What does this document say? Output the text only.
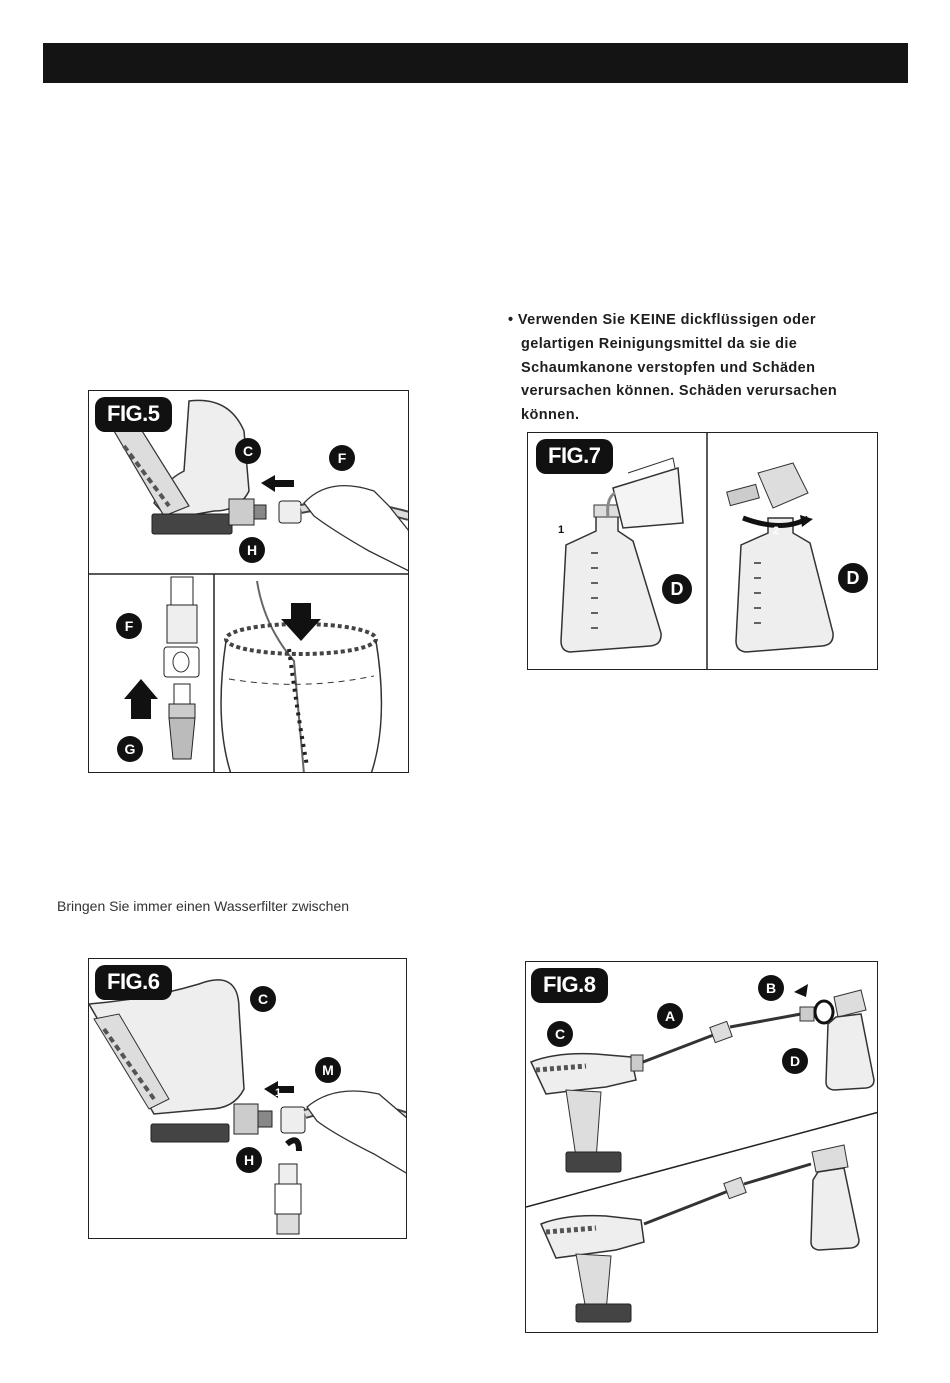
• Verwenden Sie KEINE dickflüssigen oder
gelartigen Reinigungsmittel da sie die
Schaumkanone verstopfen und Schäden
verursachen können. Schäden verursachen
können.
Bringen Sie immer einen Wasserfilter zwischen
FIG.5
C	F
H
F
G
FIG.7
1	2
D
D
FIG.6
C
M
H
1
2
FIG.8
A
B
C
D
